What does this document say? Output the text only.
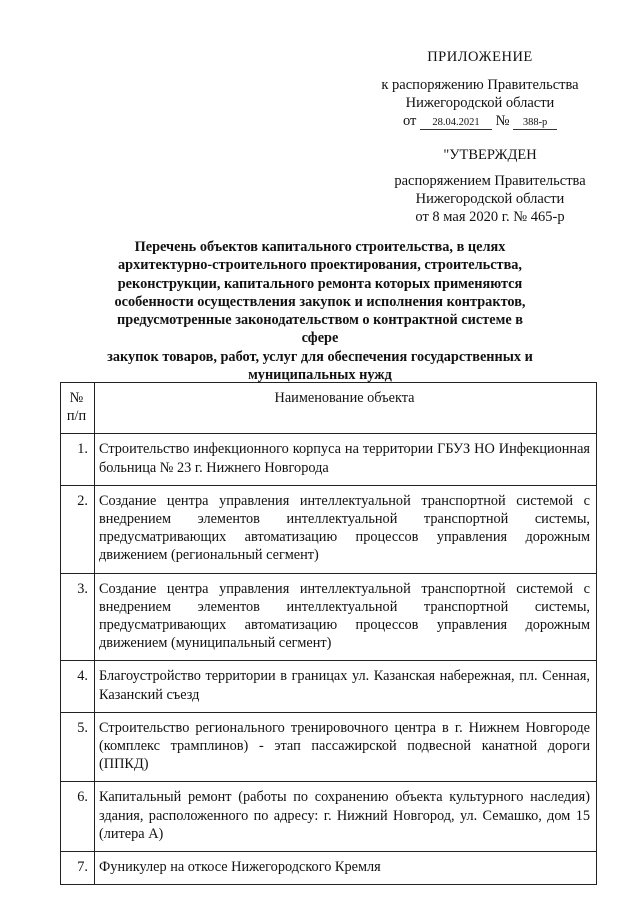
ПРИЛОЖЕНИЕ
к распоряжению Правительства
Нижегородской области
от 28.04.2021 № 388-р
"УТВЕРЖДЕН
распоряжением Правительства
Нижегородской области
от 8 мая 2020 г. № 465-р
Перечень объектов капитального строительства, в целях
архитектурно-строительного проектирования, строительства,
реконструкции, капитального ремонта которых применяются
особенности осуществления закупок и исполнения контрактов,
предусмотренные законодательством о контрактной системе в сфере
закупок товаров, работ, услуг для обеспечения государственных и
муниципальных нужд
№
п/п	Наименование объекта
1.	Строительство инфекционного корпуса на территории ГБУЗ НО Инфекционная больница № 23 г. Нижнего Новгорода
2.	Создание центра управления интеллектуальной транспортной системой с внедрением элементов интеллектуальной транспортной системы, предусматривающих автоматизацию процессов управления дорожным движением (региональный сегмент)
3.	Создание центра управления интеллектуальной транспортной системой с внедрением элементов интеллектуальной транспортной системы, предусматривающих автоматизацию процессов управления дорожным движением (муниципальный сегмент)
4.	Благоустройство территории в границах ул. Казанская набережная, пл. Сенная, Казанский съезд
5.	Строительство регионального тренировочного центра в г. Нижнем Новгороде (комплекс трамплинов) - этап пассажирской подвесной канатной дороги (ППКД)
6.	Капитальный ремонт (работы по сохранению объекта культурного наследия) здания, расположенного по адресу: г. Нижний Новгород, ул. Семашко, дом 15 (литера А)
7.	Фуникулер на откосе Нижегородского Кремля
